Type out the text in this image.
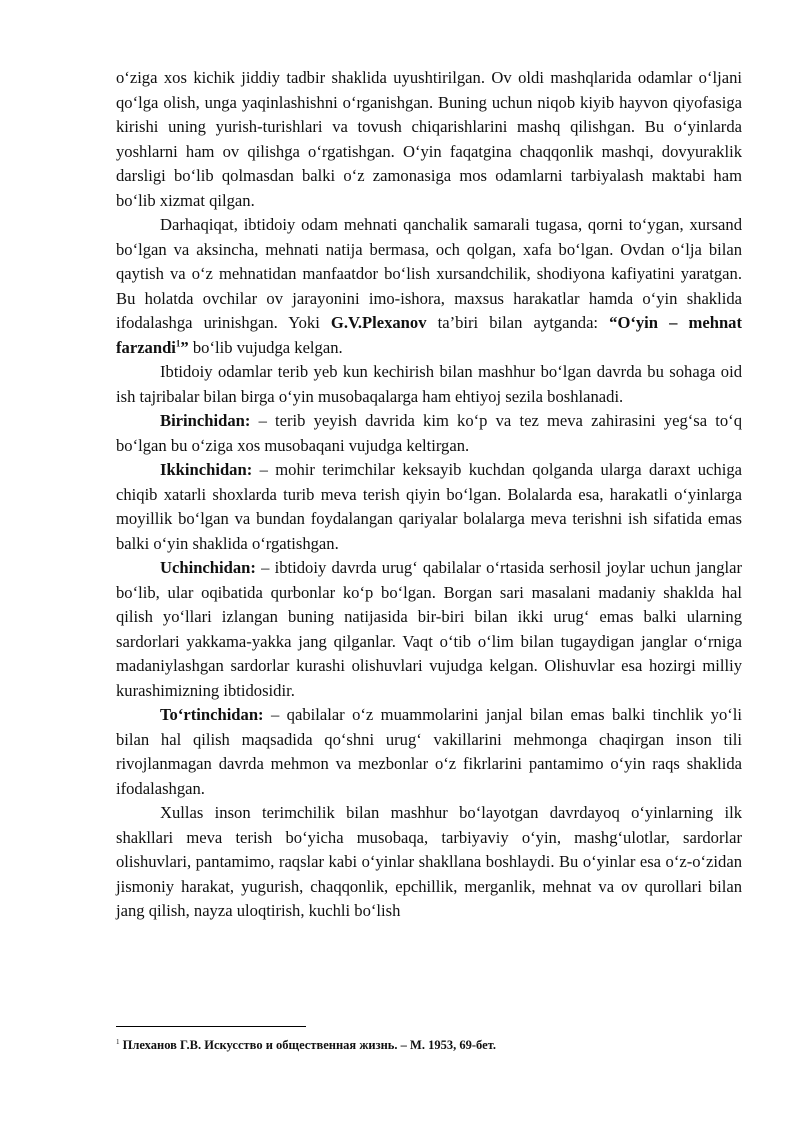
o‘ziga xos kichik jiddiy tadbir shaklida uyushtirilgan. Ov oldi mashqlarida odamlar o‘ljani qo‘lga olish, unga yaqinlashishni o‘rganishgan. Buning uchun niqob kiyib hayvon qiyofasiga kirishi uning yurish-turishlari va tovush chiqarishlarini mashq qilishgan. Bu o‘yinlarda yoshlarni ham ov qilishga o‘rgatishgan. O‘yin faqatgina chaqqonlik mashqi, dovyuraklik darsligi bo‘lib qolmasdan balki o‘z zamonasiga mos odamlarni tarbiyalash maktabi ham bo‘lib xizmat qilgan.

Darhaqiqat, ibtidoiy odam mehnati qanchalik samarali tugasa, qorni to‘ygan, xursand bo‘lgan va aksincha, mehnati natija bermasa, och qolgan, xafa bo‘lgan. Ovdan o‘lja bilan qaytish va o‘z mehnatidan manfaatdor bo‘lish xursandchilik, shodiyona kafiyatini yaratgan. Bu holatda ovchilar ov jarayonini imo-ishora, maxsus harakatlar hamda o‘yin shaklida ifodalashga urinishgan. Yoki G.V.Plexanov ta’biri bilan aytganda: “O‘yin – mehnat farzandi$^1$” bo‘lib vujudga kelgan.

Ibtidoiy odamlar terib yeb kun kechirish bilan mashhur bo‘lgan davrda bu sohaga oid ish tajribalar bilan birga o‘yin musobaqalarga ham ehtiyoj sezila boshlanadi.

Birinchidan: – terib yeyish davrida kim ko‘p va tez meva zahirasini yeg‘sa to‘q bo‘lgan bu o‘ziga xos musobaqani vujudga keltirgan.

Ikkinchidan: – mohir terimchilar keksayib kuchdan qolganda ularga daraxt uchiga chiqib xatarli shoxlarda turib meva terish qiyin bo‘lgan. Bolalarda esa, harakatli o‘yinlarga moyillik bo‘lgan va bundan foydalangan qariyalar bolalarga meva terishni ish sifatida emas balki o‘yin shaklida o‘rgatishgan.

Uchinchidan: – ibtidoiy davrda urug‘ qabilalar o‘rtasida serhosil joylar uchun janglar bo‘lib, ular oqibatida qurbonlar ko‘p bo‘lgan. Borgan sari masalani madaniy shaklda hal qilish yo‘llari izlangan buning natijasida bir-biri bilan ikki urug‘ emas balki ularning sardorlari yakkama-yakka jang qilganlar. Vaqt o‘tib o‘lim bilan tugaydigan janglar o‘rniga madaniylashgan sardorlar kurashi olishuvlari vujudga kelgan. Olishuvlar esa hozirgi milliy kurashimizning ibtidosidir.

To‘rtinchidan: – qabilalar o‘z muammolarini janjal bilan emas balki tinchlik yo‘li bilan hal qilish maqsadida qo‘shni urug‘ vakillarini mehmonga chaqirgan inson tili rivojlanmagan davrda mehmon va mezbonlar o‘z fikrlarini pantamimo o‘yin raqs shaklida ifodalashgan.

Xullas inson terimchilik bilan mashhur bo‘layotgan davrdayoq o‘yinlarning ilk shakllari meva terish bo‘yicha musobaqa, tarbiyaviy o‘yin, mashg‘ulotlar, sardorlar olishuvlari, pantamimo, raqslar kabi o‘yinlar shakllana boshlaydi. Bu o‘yinlar esa o‘z-o‘zidan jismoniy harakat, yugurish, chaqqonlik, epchillik, merganlik, mehnat va ov qurollari bilan jang qilish, nayza uloqtirish, kuchli bo‘lish

$^1$ Плеханов Г.В. Искусство и общественная жизнь. – М. 1953, 69-бет.
